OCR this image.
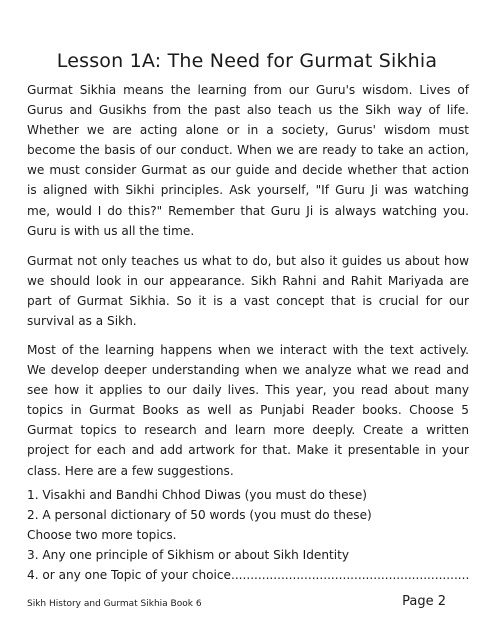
Lesson 1A: The Need for Gurmat Sikhia

Gurmat Sikhia means the learning from our Guru's wisdom. Lives of Gurus and Gusikhs from the past also teach us the Sikh way of life. Whether we are acting alone or in a society, Gurus' wisdom must become the basis of our conduct. When we are ready to take an action, we must consider Gurmat as our guide and decide whether that action is aligned with Sikhi principles. Ask yourself, "If Guru Ji was watching me, would I do this?" Remember that Guru Ji is always watching you. Guru is with us all the time.

Gurmat not only teaches us what to do, but also it guides us about how we should look in our appearance. Sikh Rahni and Rahit Mariyada are part of Gurmat Sikhia. So it is a vast concept that is crucial for our survival as a Sikh.

Most of the learning happens when we interact with the text actively. We develop deeper understanding when we analyze what we read and see how it applies to our daily lives. This year, you read about many topics in Gurmat Books as well as Punjabi Reader books. Choose 5 Gurmat topics to research and learn more deeply. Create a written project for each and add artwork for that. Make it presentable in your class. Here are a few suggestions.

1. Visakhi and Bandhi Chhod Diwas (you must do these)
2. A personal dictionary of 50 words (you must do these)
Choose two more topics.
3. Any one principle of Sikhism or about Sikh Identity
4. or any one Topic of your choice..............................................................
Sikh History and Gurmat Sikhia Book 6	Page 2
